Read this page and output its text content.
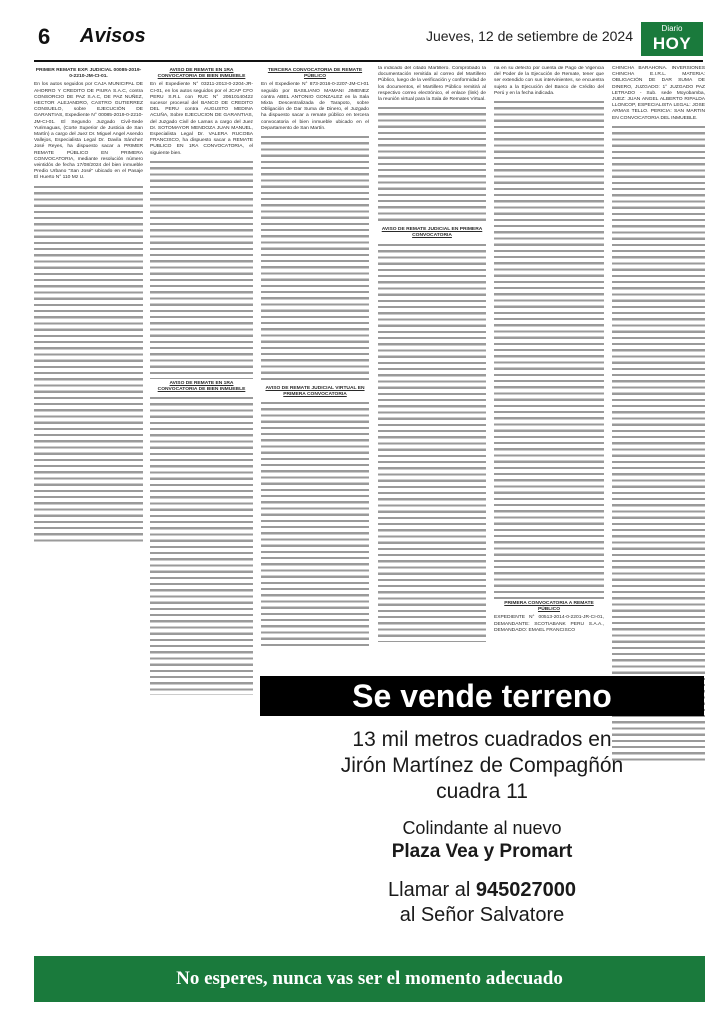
6 Avisos	Jueves, 12 de setiembre de 2024	Diario
HOY
PRIMER REMATE EXP. JUDICIAL 00085-2019-0-2210-JM-CI-01.

En los autos seguidos por CAJA MUNICIPAL DE AHORRO Y CREDITO DE PIURA S.A.C, contra CONSORCIO DE PAZ S.A.C, DE PAZ NUÑEZ, HECTOR ALEJANDRO, CASTRO GUTIERREZ CONSUELO, sobre EJECUCIÓN DE GARANTIAS, Expediente N° 00085-2019-0-2210-JM-CI-01. El Segundo Juzgado Civil-Sede Yurimaguas, (Corte Superior de Justicia de San Martín) a cargo del Juez Dr. Miguel Angel Asendo Vallejos, Especialista Legal Dr. Davila Sánchez José Reyes, ha dispuesto sacar a PRIMER REMATE PÚBLICO EN PRIMERA CONVOCATORIA, mediante resolución número veintidós de fecha 17/08/2024 del bien inmueble Predio Urbano "San José" ubicado en el Pasaje El Huerto N° 110 Mz U.

AVISO DE REMATE EN 1RA CONVOCATORIA DE BIEN INMUEBLE

En el Expediente N° 03211-2013-0-2204-JR-CI-01, en los autos seguidos por el JCAP CFO PERU S.R.L con RUC N° 20610140422 sucesor procesal del BANCO DE CREDITO DEL PERU contra AUGUSTO MEDINA ACUÑA, Sobre EJECUCION DE GARANTIAS, del Juzgado Civil de Lamas a cargo del Juez Dr. SOTOMAYOR MENDOZA JUAN MANUEL, Especialista Legal Dr. VALERA RUCOBA FRANCISCO, ha dispuesto sacar a REMATE PUBLICO EN 1RA CONVOCATORIA, el siguiente bien.

AVISO DE REMATE EN 1RA CONVOCATORIA DE BIEN INMUEBLE
TERCERA CONVOCATORIA DE REMATE PÚBLICO

En el Expediente N° 873-2016-0-2207-JM-CI-01 seguido por BASILIANO MAMANI JIMENEZ contra ABEL ANTONIO GONZALEZ en la Sala Mixta Descentralizada de Tarapoto, sobre Obligación de Dar Suma de Dinero, el Juzgado ha dispuesto sacar a remate público en tercera convocatoria el bien inmueble ubicado en el Departamento de San Martín.

AVISO DE REMATE JUDICIAL VIRTUAL EN PRIMERA CONVOCATORIA

ta indicado del citado Martillero. Comprobado la documentación remitida al correo del Martillero Público, luego de la verificación y conformidad de los documentos, el Martillero Público remitirá al respectivo correo electrónico, el enlace (link) de la reunión virtual para la Sala de Remates Virtual.

AVISO DE REMATE JUDICIAL EN PRIMERA CONVOCATORIA

ria en su defecto por cuenta de Pago de Vigencia del Poder de la Ejecución de Remate, tener que ser extendido con sus intervinientes, se encuentra sujeto a la Ejecución del Banco de Crédito del Perú y en la fecha indicada.

PRIMERA CONVOCATORIA A REMATE PÚBLICO

EXPEDIENTE N° 00513-2014-0-2201-JR-CI-01, DEMANDANTE: SCOTIABANK PERU S.A.A., DEMANDADO: EMAEL FRANCISCO

CHINCHA BARAHONA. INVERSIONES CHINCHA E.I.R.L. MATERIA: OBLIGACIÓN DE DAR SUMA DE DINERO, JUZGADO: 1° JUZGADO PAZ LETRADO - Sub. sede Moyobamba, JUEZ: JUAN ANGEL ALBERTO RIPALDA LLONCOP, ESPECIALISTA LEGAL: JOSE ARMAS TELLO. PERICIA: SAN MARTIN EN CONVOCATORIA DEL INMUEBLE.

Se vende terreno
13 mil metros cuadrados en
Jirón Martínez de Compagñón
cuadra 11
Colindante al nuevo
Plaza Vea y Promart
Llamar al 945027000
al Señor Salvatore
No esperes, nunca vas ser el momento adecuado
